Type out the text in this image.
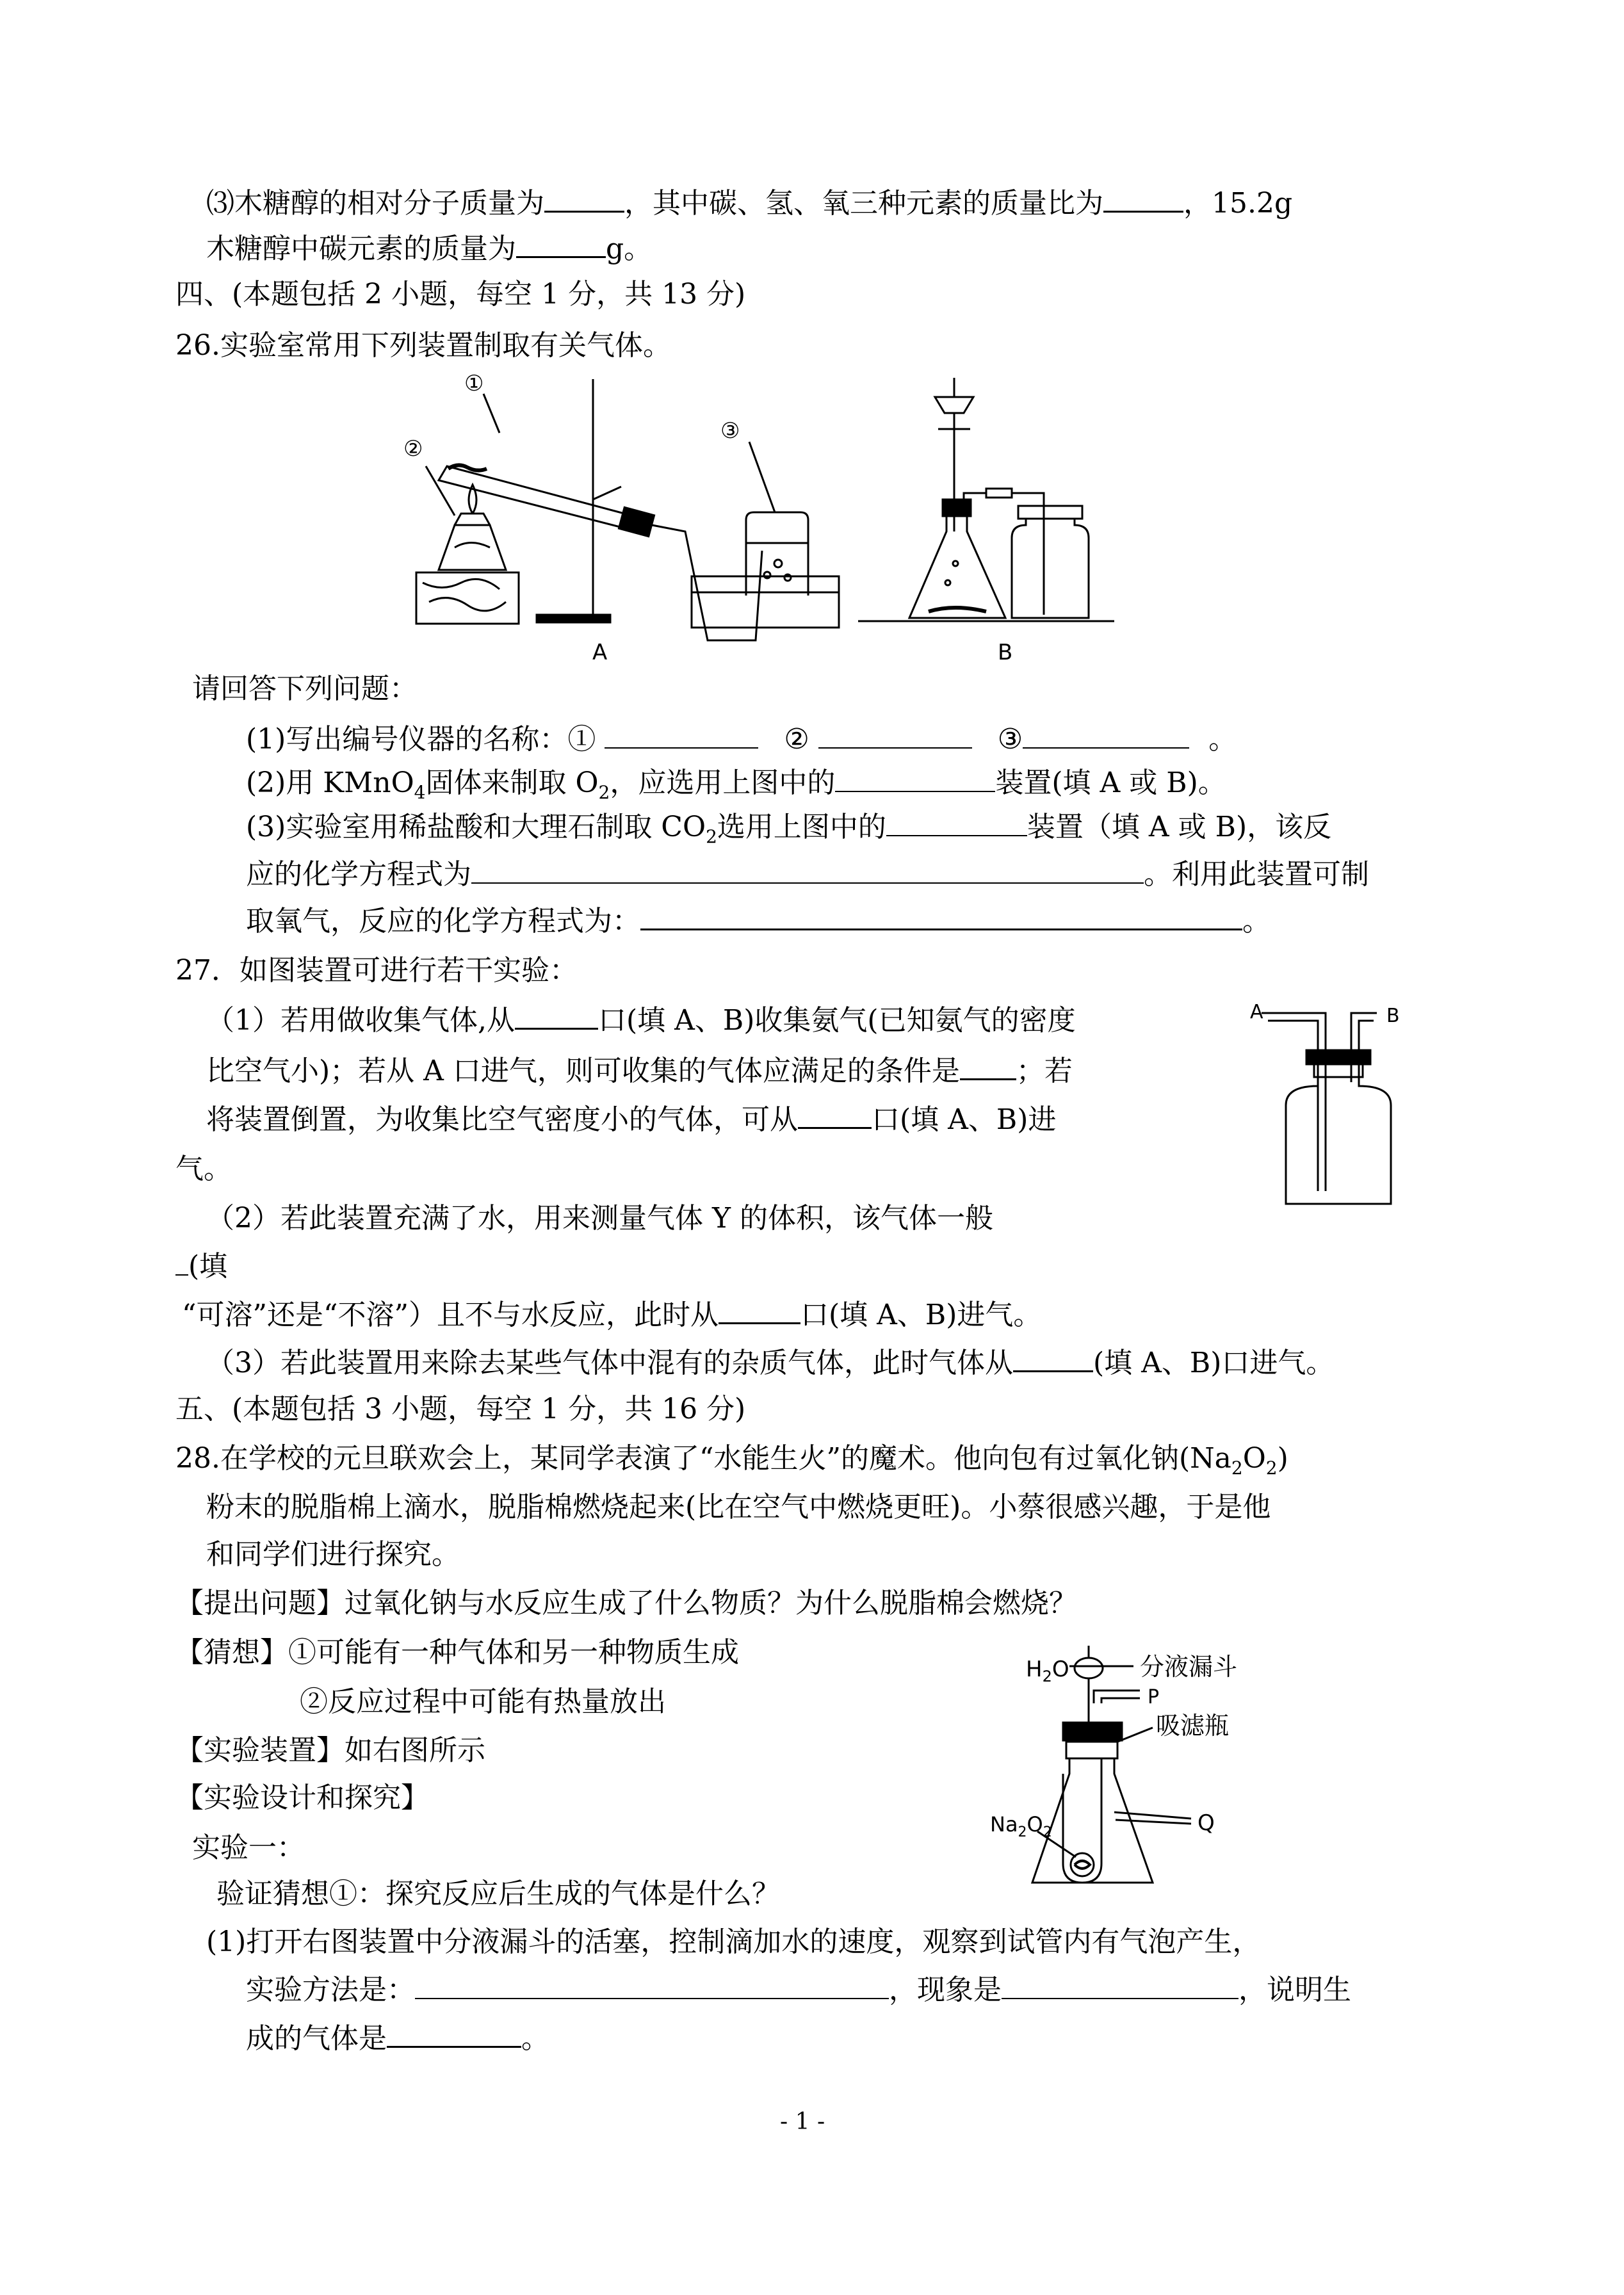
⑶木糖醇的相对分子质量为	，其中碳、氢、氧三种元素的质量比为	，15.2g
木糖醇中碳元素的质量为	g。
四、(本题包括 2 小题，每空 1 分，共 13 分)
26.实验室常用下列装置制取有关气体。
①
②
③
A	B
请回答下列问题：
(1)写出编号仪器的名称：①	②	③	。
(2)用 KMnO$_4$固体来制取 $O_2$，应选用上图中的	装置(填 A 或 B)。
(3)实验室用稀盐酸和大理石制取 $CO_2$选用上图中的	装置（填 A 或 B)，该反
应的化学方程式为	。利用此装置可制
取氧气，反应的化学方程式为：	。
27．如图装置可进行若干实验：
A	B
（1）若用做收集气体,从	口(填 A、B)收集氨气(已知氨气的密度
比空气小)；若从 A 口进气，则可收集的气体应满足的条件是 ；若
将装置倒置，为收集比空气密度小的气体，可从	口(填 A、B)进
气。
（2）若此装置充满了水，用来测量气体 Y 的体积，该气体一般
(填
“可溶”还是“不溶”）且不与水反应，此时从	口(填 A、B)进气。
（3）若此装置用来除去某些气体中混有的杂质气体，此时气体从	(填 A、B)口进气。
五、(本题包括 3 小题，每空 1 分，共 16 分)
28.在学校的元旦联欢会上，某同学表演了“水能生火”的魔术。他向包有过氧化钠$(Na_2O_2)$
粉末的脱脂棉上滴水，脱脂棉燃烧起来(比在空气中燃烧更旺)。小蔡很感兴趣，于是他
和同学们进行探究。
【提出问题】过氧化钠与水反应生成了什么物质？为什么脱脂棉会燃烧？
【猜想】①可能有一种气体和另一种物质生成
②反应过程中可能有热量放出
【实验装置】如右图所示
【实验设计和探究】
实验一：
验证猜想①：探究反应后生成的气体是什么？
(1)打开右图装置中分液漏斗的活塞，控制滴加水的速度，观察到试管内有气泡产生，
实验方法是：	，现象是	，说明生
成的气体是	。
$H_2O$	分液漏斗
P
吸滤瓶
Q
$Na_2O_2$
- 1 -
